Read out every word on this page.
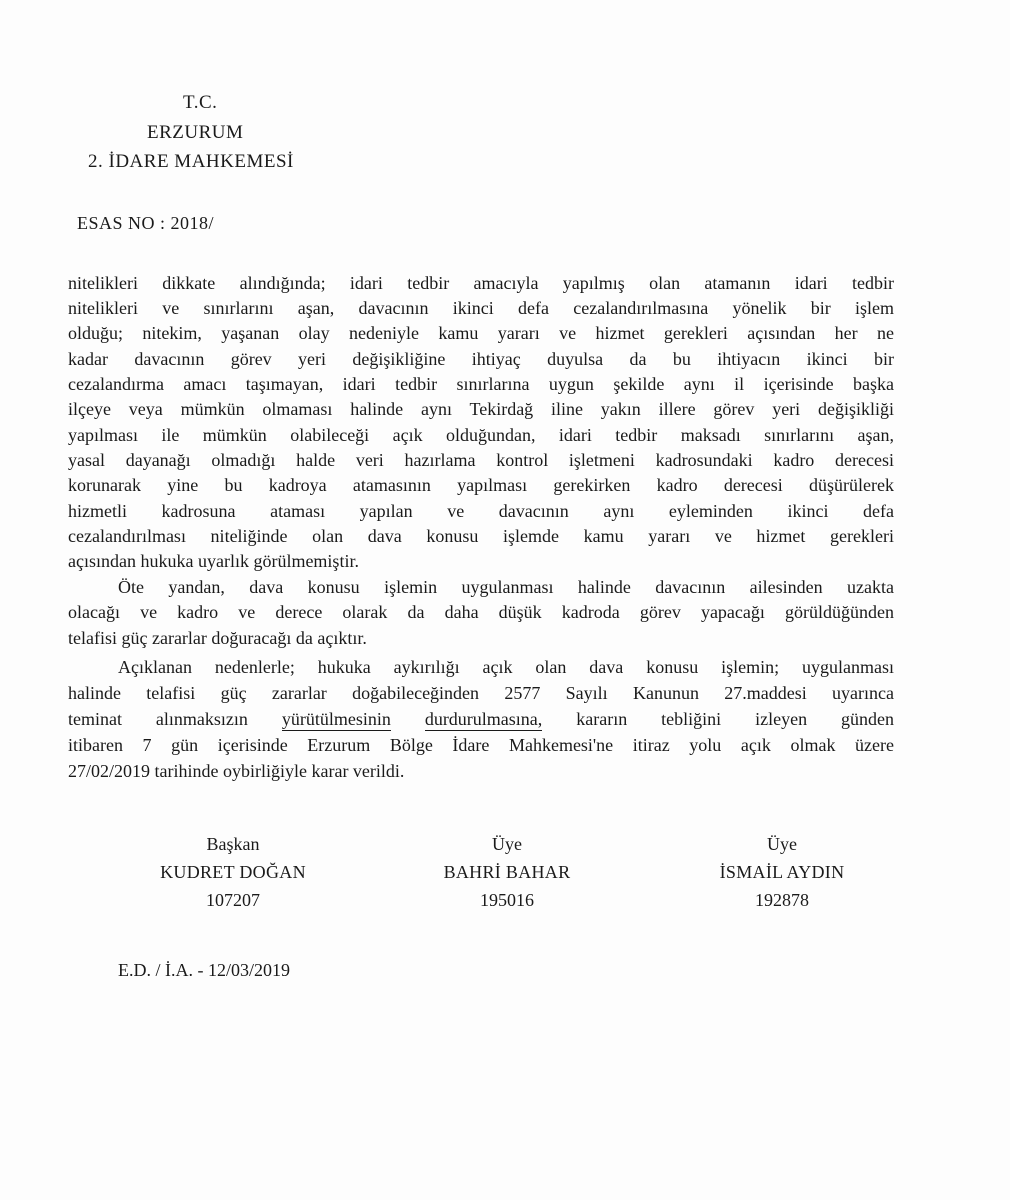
T.C.
ERZURUM
2. İDARE MAHKEMESİ
ESAS NO : 2018/
nitelikleri dikkate alındığında; idari tedbir amacıyla yapılmış olan atamanın idari tedbir
nitelikleri ve sınırlarını aşan, davacının ikinci defa cezalandırılmasına yönelik bir işlem
olduğu; nitekim, yaşanan olay nedeniyle kamu yararı ve hizmet gerekleri açısından her ne
kadar davacının görev yeri değişikliğine ihtiyaç duyulsa da bu ihtiyacın ikinci bir
cezalandırma amacı taşımayan, idari tedbir sınırlarına uygun şekilde aynı il içerisinde başka
ilçeye veya mümkün olmaması halinde aynı Tekirdağ iline yakın illere görev yeri değişikliği
yapılması ile mümkün olabileceği açık olduğundan, idari tedbir maksadı sınırlarını aşan,
yasal dayanağı olmadığı halde veri hazırlama kontrol işletmeni kadrosundaki kadro derecesi
korunarak yine bu kadroya atamasının yapılması gerekirken kadro derecesi düşürülerek
hizmetli kadrosuna ataması yapılan ve davacının aynı eyleminden ikinci defa
cezalandırılması niteliğinde olan dava konusu işlemde kamu yararı ve hizmet gerekleri
açısından hukuka uyarlık görülmemiştir.
Öte yandan, dava konusu işlemin uygulanması halinde davacının ailesinden uzakta
olacağı ve kadro ve derece olarak da daha düşük kadroda görev yapacağı görüldüğünden
telafisi güç zararlar doğuracağı da açıktır.
Açıklanan nedenlerle; hukuka aykırılığı açık olan dava konusu işlemin; uygulanması
halinde telafisi güç zararlar doğabileceğinden 2577 Sayılı Kanunun 27.maddesi uyarınca
teminat alınmaksızın yürütülmesinin durdurulmasına, kararın tebliğini izleyen günden
itibaren 7 gün içerisinde Erzurum Bölge İdare Mahkemesi'ne itiraz yolu açık olmak üzere
27/02/2019 tarihinde oybirliğiyle karar verildi.
Başkan
KUDRET DOĞAN
107207
Üye
BAHRİ BAHAR
195016
Üye
İSMAİL AYDIN
192878
E.D. / İ.A. - 12/03/2019
